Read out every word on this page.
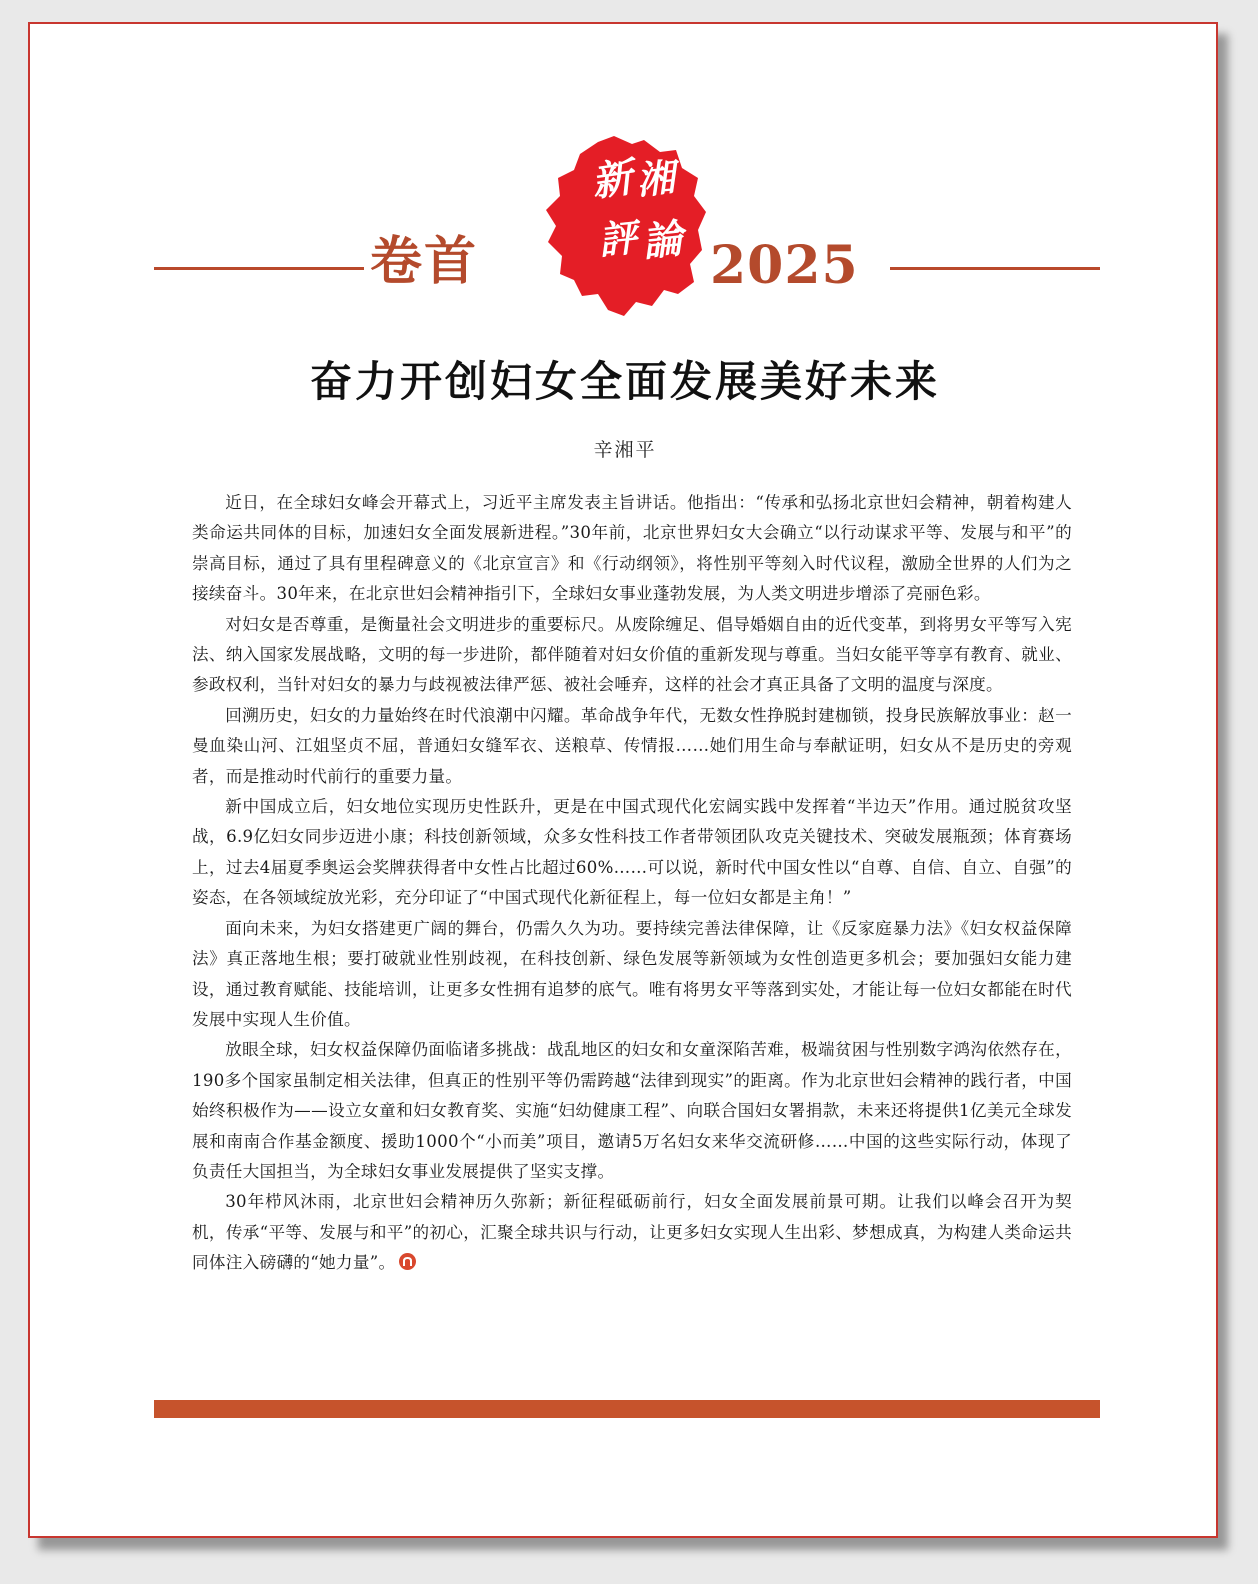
卷首
新 湘
評 論 2025
奋力开创妇女全面发展美好未来
辛湘平

近日，在全球妇女峰会开幕式上，习近平主席发表主旨讲话。他指出：“传承和弘扬北京世妇会精神，朝着构建人类命运共同体的目标，加速妇女全面发展新进程。”30年前，北京世界妇女大会确立“以行动谋求平等、发展与和平”的崇高目标，通过了具有里程碑意义的《北京宣言》和《行动纲领》，将性别平等刻入时代议程，激励全世界的人们为之接续奋斗。30年来，在北京世妇会精神指引下，全球妇女事业蓬勃发展，为人类文明进步增添了亮丽色彩。

对妇女是否尊重，是衡量社会文明进步的重要标尺。从废除缠足、倡导婚姻自由的近代变革，到将男女平等写入宪法、纳入国家发展战略，文明的每一步进阶，都伴随着对妇女价值的重新发现与尊重。当妇女能平等享有教育、就业、参政权利，当针对妇女的暴力与歧视被法律严惩、被社会唾弃，这样的社会才真正具备了文明的温度与深度。

回溯历史，妇女的力量始终在时代浪潮中闪耀。革命战争年代，无数女性挣脱封建枷锁，投身民族解放事业：赵一曼血染山河、江姐坚贞不屈，普通妇女缝军衣、送粮草、传情报……她们用生命与奉献证明，妇女从不是历史的旁观者，而是推动时代前行的重要力量。

新中国成立后，妇女地位实现历史性跃升，更是在中国式现代化宏阔实践中发挥着“半边天”作用。通过脱贫攻坚战，6.9亿妇女同步迈进小康；科技创新领域，众多女性科技工作者带领团队攻克关键技术、突破发展瓶颈；体育赛场上，过去4届夏季奥运会奖牌获得者中女性占比超过60%……可以说，新时代中国女性以“自尊、自信、自立、自强”的姿态，在各领域绽放光彩，充分印证了“中国式现代化新征程上，每一位妇女都是主角！”

面向未来，为妇女搭建更广阔的舞台，仍需久久为功。要持续完善法律保障，让《反家庭暴力法》《妇女权益保障法》真正落地生根；要打破就业性别歧视，在科技创新、绿色发展等新领域为女性创造更多机会；要加强妇女能力建设，通过教育赋能、技能培训，让更多女性拥有追梦的底气。唯有将男女平等落到实处，才能让每一位妇女都能在时代发展中实现人生价值。

放眼全球，妇女权益保障仍面临诸多挑战：战乱地区的妇女和女童深陷苦难，极端贫困与性别数字鸿沟依然存在，190多个国家虽制定相关法律，但真正的性别平等仍需跨越“法律到现实”的距离。作为北京世妇会精神的践行者，中国始终积极作为——设立女童和妇女教育奖、实施“妇幼健康工程”、向联合国妇女署捐款，未来还将提供1亿美元全球发展和南南合作基金额度、援助1000个“小而美”项目，邀请5万名妇女来华交流研修……中国的这些实际行动，体现了负责任大国担当，为全球妇女事业发展提供了坚实支撑。

30年栉风沐雨，北京世妇会精神历久弥新；新征程砥砺前行，妇女全面发展前景可期。让我们以峰会召开为契机，传承“平等、发展与和平”的初心，汇聚全球共识与行动，让更多妇女实现人生出彩、梦想成真，为构建人类命运共同体注入磅礴的“她力量”。
